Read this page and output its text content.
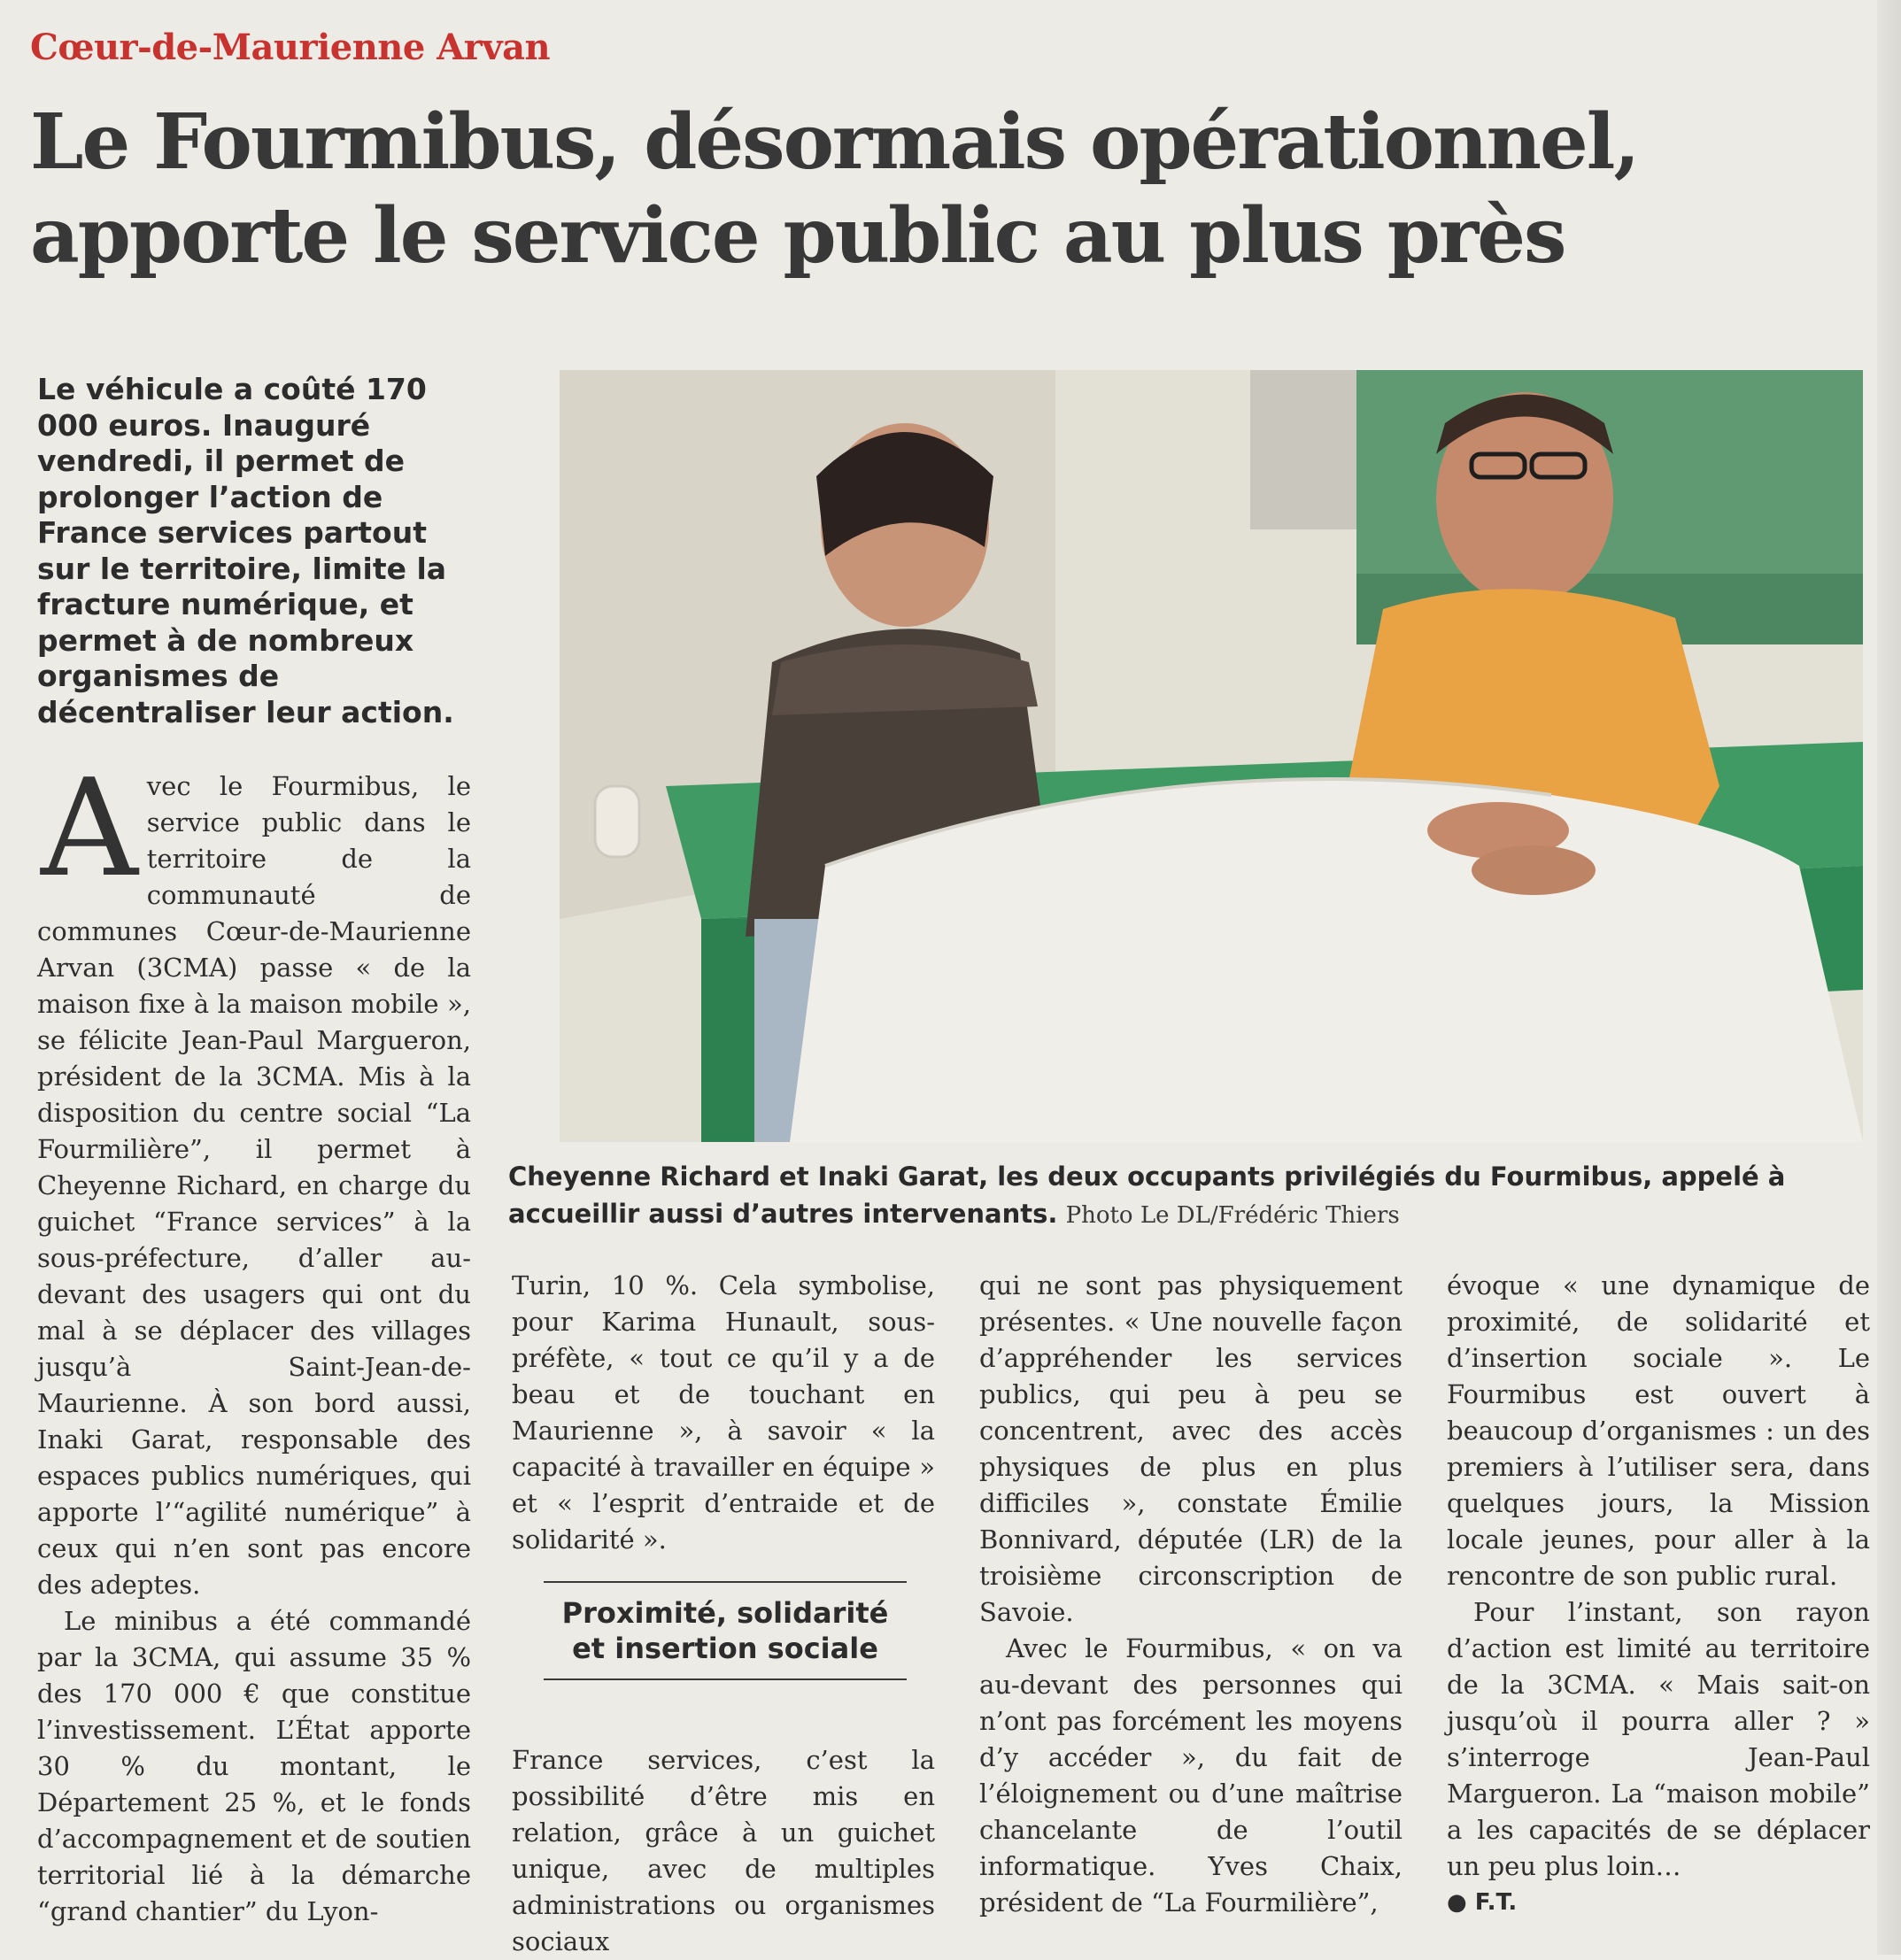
Cœur-de-Maurienne Arvan
Le Fourmibus, désormais opérationnel,
apporte le service public au plus près
Le véhicule a coûté 170 000 euros. Inauguré vendredi, il permet de prolonger l’action de France services partout sur le territoire, limite la fracture numérique, et permet à de nombreux organismes de décentraliser leur action.
Cheyenne Richard et Inaki Garat, les deux occupants privilégiés du Fourmibus, appelé à accueillir aussi d’autres intervenants. Photo Le DL/Frédéric Thiers

Avec le Fourmibus, le service public dans le territoire de la communauté de communes Cœur-de-Maurienne Arvan (3CMA) passe « de la maison fixe à la maison mobile », se félicite Jean-Paul Margueron, président de la 3CMA. Mis à la disposition du centre social “La Fourmilière”, il permet à Cheyenne Richard, en charge du guichet “France services” à la sous-préfecture, d’aller au-devant des usagers qui ont du mal à se déplacer des villages jusqu’à Saint-Jean-de-Maurienne. À son bord aussi, Inaki Garat, responsable des espaces publics numériques, qui apporte l’“agilité numérique” à ceux qui n’en sont pas encore des adeptes.

Le minibus a été commandé par la 3CMA, qui assume 35 % des 170 000 € que constitue l’investissement. L’État apporte 30 % du montant, le Département 25 %, et le fonds d’accompagnement et de soutien territorial lié à la démarche “grand chantier” du Lyon-

Turin, 10 %. Cela symbolise, pour Karima Hunault, sous-préfète, « tout ce qu’il y a de beau et de touchant en Maurienne », à savoir « la capacité à travailler en équipe » et « l’esprit d’entraide et de solidarité ».

Proximité, solidarité et insertion sociale

France services, c’est la possibilité d’être mis en relation, grâce à un guichet unique, avec de multiples administrations ou organismes sociaux

qui ne sont pas physiquement présentes. « Une nouvelle façon d’appréhender les services publics, qui peu à peu se concentrent, avec des accès physiques de plus en plus difficiles », constate Émilie Bonnivard, députée (LR) de la troisième circonscription de Savoie.

Avec le Fourmibus, « on va au-devant des personnes qui n’ont pas forcément les moyens d’y accéder », du fait de l’éloignement ou d’une maîtrise chancelante de l’outil informatique. Yves Chaix, président de “La Fourmilière”,

évoque « une dynamique de proximité, de solidarité et d’insertion sociale ». Le Fourmibus est ouvert à beaucoup d’organismes : un des premiers à l’utiliser sera, dans quelques jours, la Mission locale jeunes, pour aller à la rencontre de son public rural.

Pour l’instant, son rayon d’action est limité au territoire de la 3CMA. « Mais sait-on jusqu’où il pourra aller ? » s’interroge Jean-Paul Margueron. La “maison mobile” a les capacités de se déplacer un peu plus loin…

● F.T.
